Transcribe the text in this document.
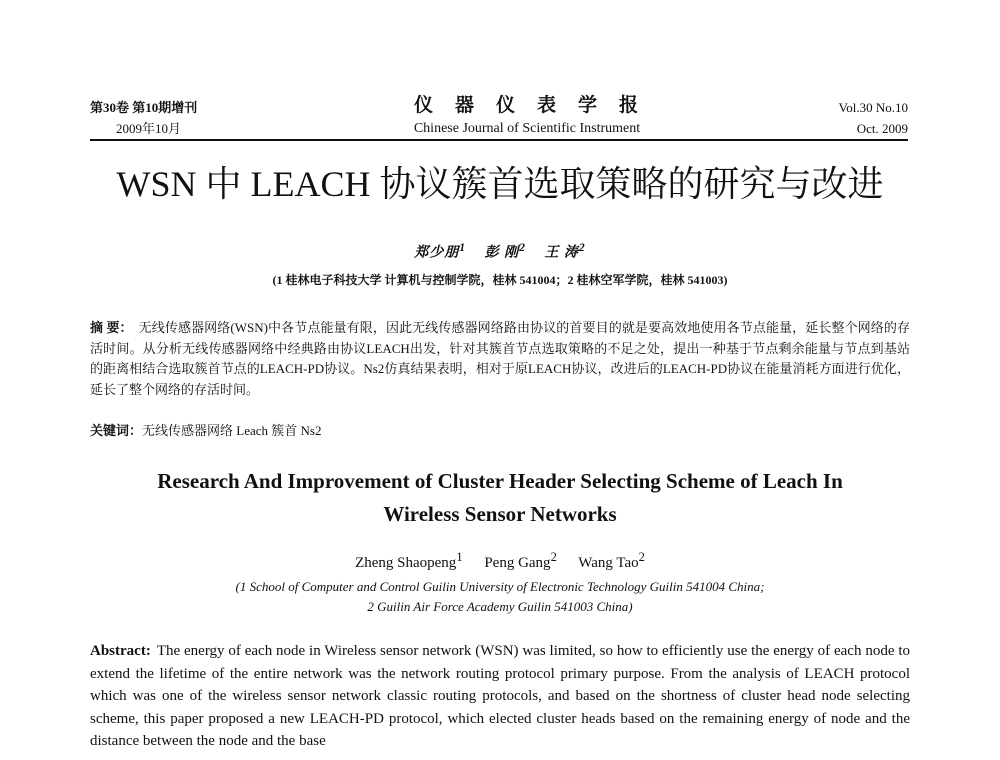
第30卷 第10期增刊
2009年10月
仪器仪表学报
Chinese Journal of Scientific Instrument
Vol.30 No.10
Oct. 2009
WSN 中 LEACH 协议簇首选取策略的研究与改进
郑少朋$^1$ 彭 刚$^2$ 王 涛$^2$
(1 桂林电子科技大学 计算机与控制学院，桂林 541004；2 桂林空军学院，桂林 541003)
摘 要： 无线传感器网络(WSN)中各节点能量有限，因此无线传感器网络路由协议的首要目的就是要高效地使用各节点能量，延长整个网络的存活时间。从分析无线传感器网络中经典路由协议LEACH出发，针对其簇首节点选取策略的不足之处，提出一种基于节点剩余能量与节点到基站的距离相结合选取簇首节点的LEACH-PD协议。Ns2仿真结果表明，相对于原LEACH协议，改进后的LEACH-PD协议在能量消耗方面进行优化，延长了整个网络的存活时间。
关键词：无线传感器网络 Leach 簇首 Ns2
Research And Improvement of Cluster Header Selecting Scheme of Leach In
Wireless Sensor Networks
Zheng Shaopeng$^1$ Peng Gang$^2$ Wang Tao$^2$
(1 School of Computer and Control Guilin University of Electronic Technology Guilin 541004 China;
2 Guilin Air Force Academy Guilin 541003 China)
Abstract: The energy of each node in Wireless sensor network (WSN) was limited, so how to efficiently use the energy of each node to extend the lifetime of the entire network was the network routing protocol primary purpose. From the analysis of LEACH protocol which was one of the wireless sensor network classic routing protocols, and based on the shortness of cluster head node selecting scheme, this paper proposed a new LEACH-PD protocol, which elected cluster heads based on the remaining energy of node and the distance between the node and the base
